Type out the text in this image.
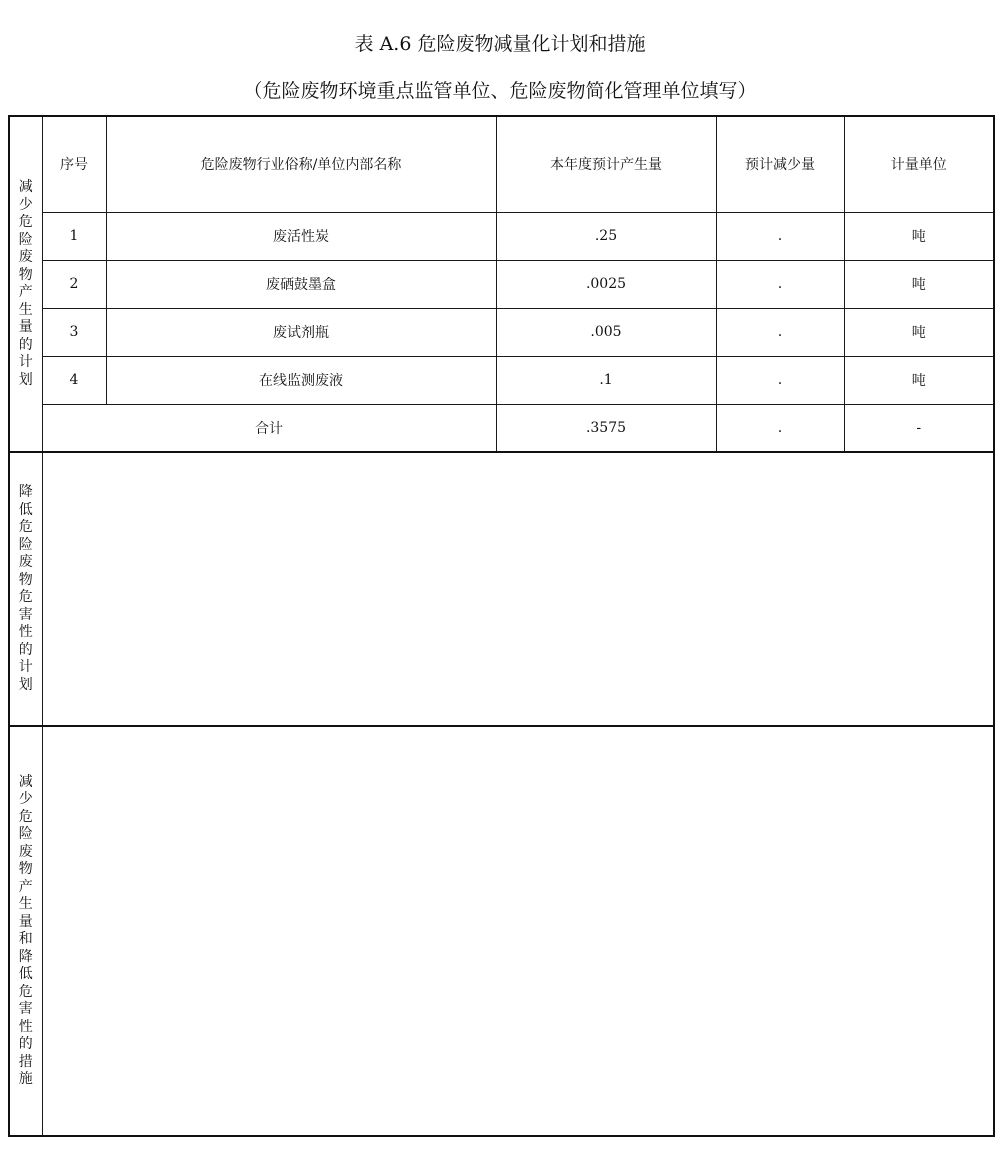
表 A.6 危险废物减量化计划和措施
（危险废物环境重点监管单位、危险废物简化管理单位填写）
减少危险废物产生量的计划	序号	危险废物行业俗称/单位内部名称	本年度预计产生量	预计减少量	计量单位
	1	废活性炭	.25	.	吨
	2	废硒鼓墨盒	.0025	.	吨
	3	废试剂瓶	.005	.	吨
	4	在线监测废液	.1	.	吨
	合计		.3575	.	-
降低危险废物危害性的计划					
减少危险废物产生量和降低危害性的措施					
